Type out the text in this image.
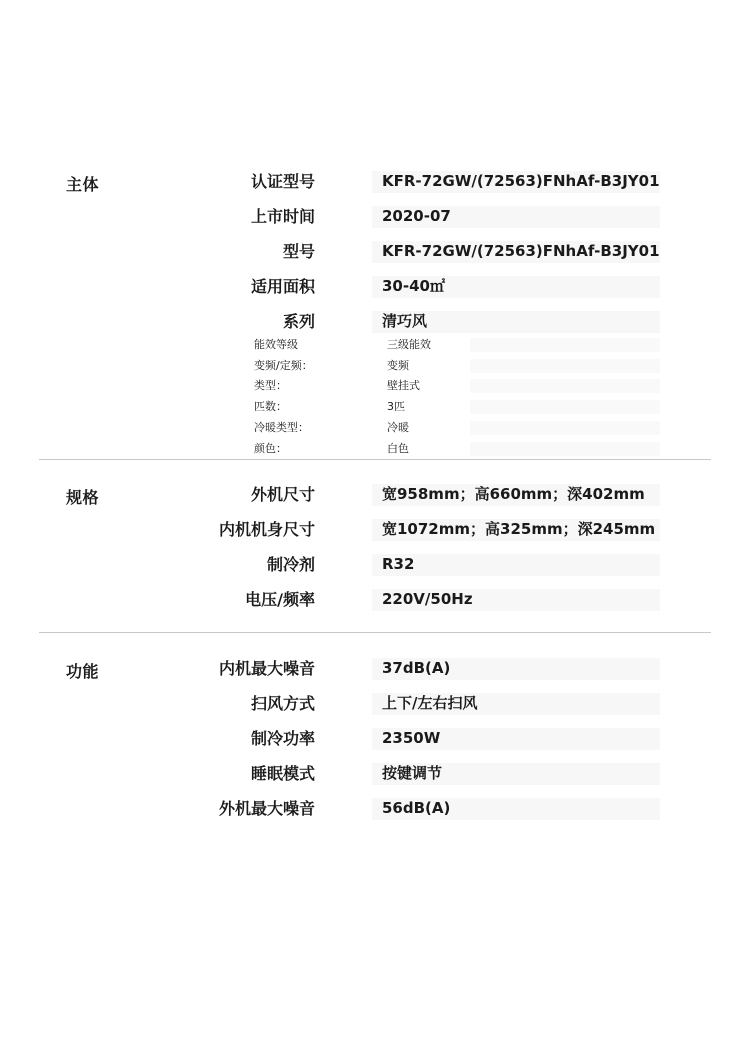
主体	认证型号	KFR-72GW/(72563)FNhAf-B3JY01
上市时间	2020-07
型号	KFR-72GW/(72563)FNhAf-B3JY01
适用面积	30-40㎡
系列	清巧风
能效等级	三级能效
变频/定频：	变频
类型：	壁挂式
匹数：	3匹
冷暖类型：	冷暖
颜色：	白色
规格	外机尺寸	宽958mm；高660mm；深402mm
内机机身尺寸	宽1072mm；高325mm；深245mm
制冷剂	R32
电压/频率	220V/50Hz
功能	内机最大噪音	37dB(A)
扫风方式	上下/左右扫风
制冷功率	2350W
睡眠模式	按键调节
外机最大噪音	56dB(A)
